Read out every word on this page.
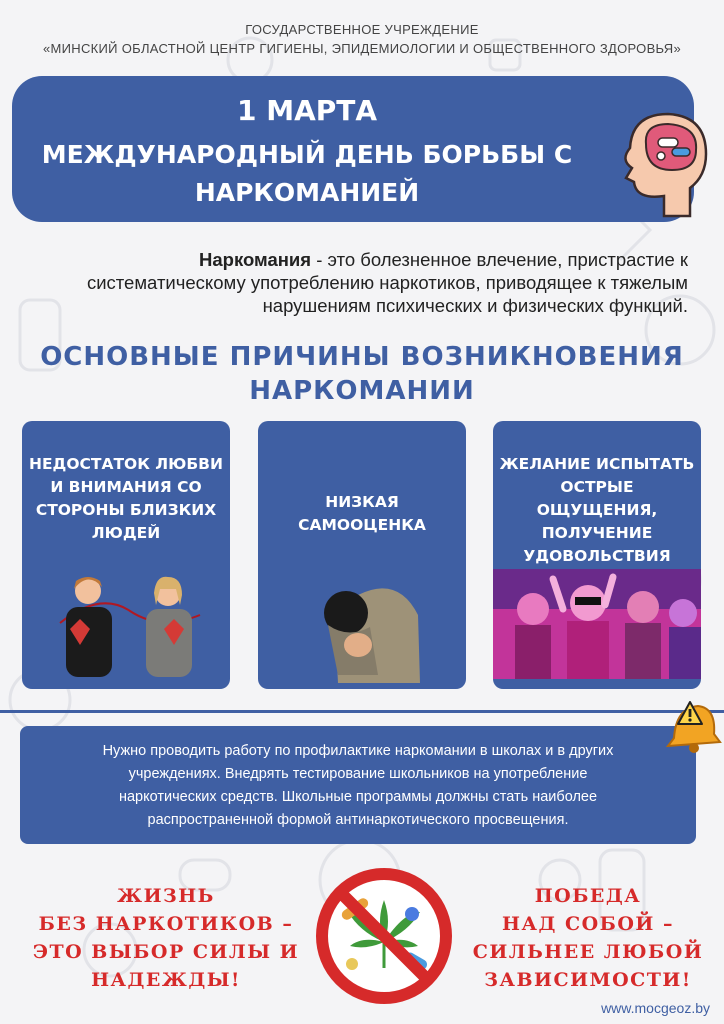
ГОСУДАРСТВЕННОЕ УЧРЕЖДЕНИЕ
«МИНСКИЙ ОБЛАСТНОЙ ЦЕНТР ГИГИЕНЫ, ЭПИДЕМИОЛОГИИ И ОБЩЕСТВЕННОГО ЗДОРОВЬЯ»
1 МАРТА
МЕЖДУНАРОДНЫЙ ДЕНЬ БОРЬБЫ С
НАРКОМАНИЕЙ
Наркомания - это болезненное влечение, пристрастие к систематическому употреблению наркотиков, приводящее к тяжелым нарушениям психических и физических функций.
ОСНОВНЫЕ ПРИЧИНЫ ВОЗНИКНОВЕНИЯ
НАРКОМАНИИ
НЕДОСТАТОК ЛЮБВИ
И ВНИМАНИЯ СО
СТОРОНЫ БЛИЗКИХ
ЛЮДЕЙ
НИЗКАЯ
САМООЦЕНКА
ЖЕЛАНИЕ ИСПЫТАТЬ
ОСТРЫЕ ОЩУЩЕНИЯ,
ПОЛУЧЕНИЕ
УДОВОЛЬСТВИЯ
Нужно проводить работу по профилактике наркомании в школах и в других
учреждениях. Внедрять тестирование школьников на употребление
наркотических средств. Школьные программы должны стать наиболее
распространенной формой антинаркотического просвещения.
ЖИЗНЬ
БЕЗ НАРКОТИКОВ –
ЭТО ВЫБОР СИЛЫ И
НАДЕЖДЫ!
ПОБЕДА
НАД СОБОЙ –
СИЛЬНЕЕ ЛЮБОЙ
ЗАВИСИМОСТИ!
www.mocgeoz.by
